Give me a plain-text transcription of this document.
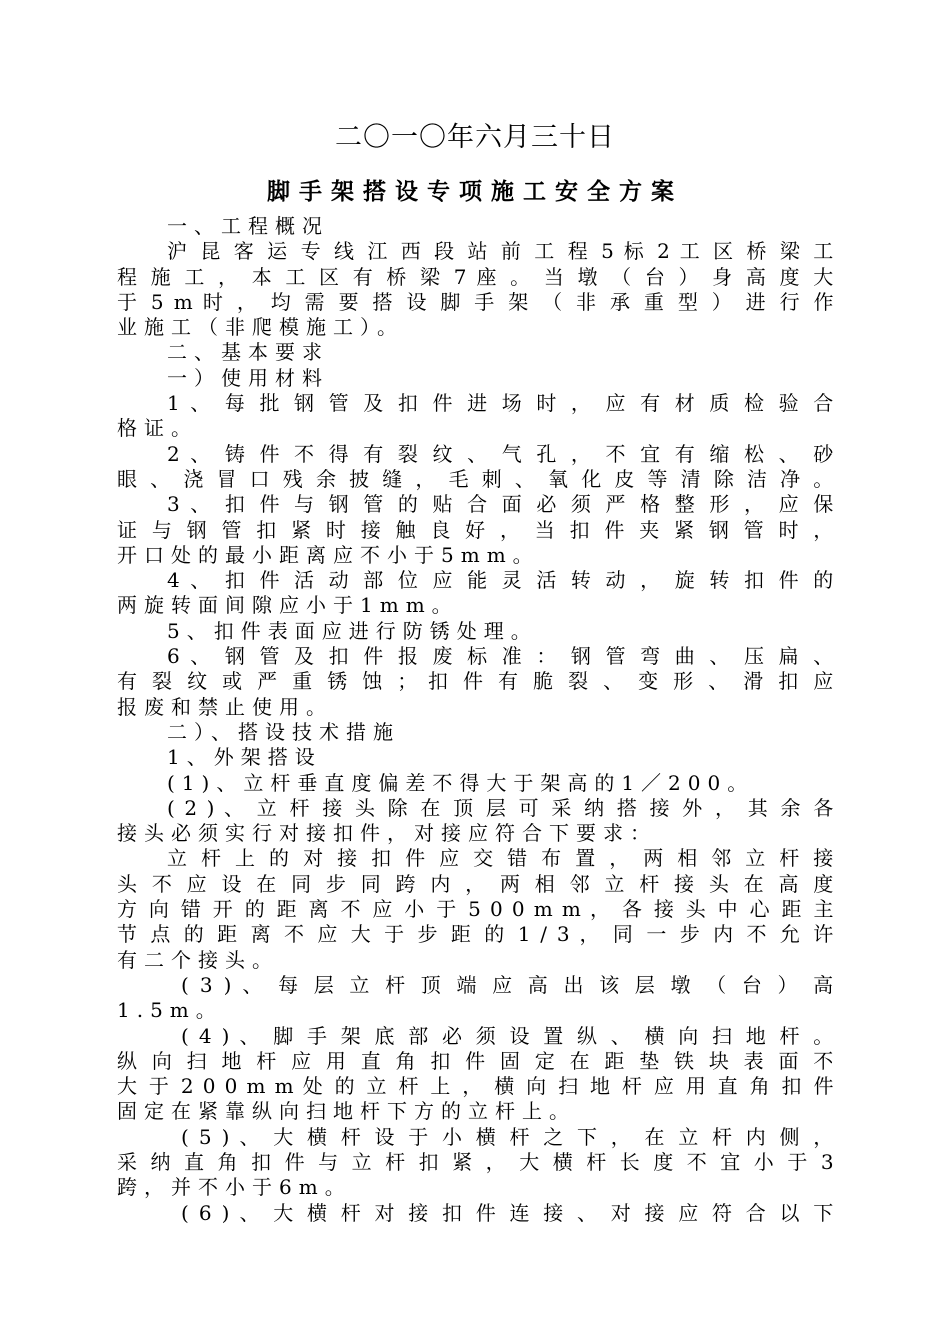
二〇一〇年六月三十日
脚手架搭设专项施工安全方案
一、工程概况
沪 昆 客 运 专 线 江 西 段 站 前 工 程 5 标 2 工 区 桥 梁 工
程 施 工 ， 本 工 区 有 桥 梁 7 座 。 当 墩 （ 台 ） 身 高 度 大
于 5 m 时 ， 均 需 要 搭 设 脚 手 架 （ 非 承 重 型 ） 进 行 作
业施工（非爬模施工）。
二、基本要求
一）使用材料
1 、 每 批 钢 管 及 扣 件 进 场 时 ， 应 有 材 质 检 验 合
格证。
2 、 铸 件 不 得 有 裂 纹 、 气 孔 ， 不 宜 有 缩 松 、 砂
眼 、 浇 冒 口 残 余 披 缝 ， 毛 刺 、 氧 化 皮 等 清 除 洁 净 。
3 、 扣 件 与 钢 管 的 贴 合 面 必 须 严 格 整 形 ， 应 保
证 与 钢 管 扣 紧 时 接 触 良 好 ， 当 扣 件 夹 紧 钢 管 时 ，
开口处的最小距离应不小于5mm。
4 、 扣 件 活 动 部 位 应 能 灵 活 转 动 ， 旋 转 扣 件 的
两旋转面间隙应小于1mm。
5、扣件表面应进行防锈处理。
6 、 钢 管 及 扣 件 报 废 标 准 ： 钢 管 弯 曲 、 压 扁 、
有 裂 纹 或 严 重 锈 蚀 ； 扣 件 有 脆 裂 、 变 形 、 滑 扣 应
报废和禁止使用。
二）、搭设技术措施
1、外架搭设
(1)、立杆垂直度偏差不得大于架高的1／200。
( 2 ) 、 立 杆 接 头 除 在 顶 层 可 采 纳 搭 接 外 ， 其 余 各
接头必须实行对接扣件，对接应符合下要求：
立 杆 上 的 对 接 扣 件 应 交 错 布 置 ， 两 相 邻 立 杆 接
头 不 应 设 在 同 步 同 跨 内 ， 两 相 邻 立 杆 接 头 在 高 度
方 向 错 开 的 距 离 不 应 小 于 5 0 0 m m ， 各 接 头 中 心 距 主
节 点 的 距 离 不 应 大 于 步 距 的 1 / 3 ， 同 一 步 内 不 允 许
有二个接头。
( 3 ) 、 每 层 立 杆 顶 端 应 高 出 该 层 墩 （ 台 ） 高
1.5m。
( 4 ) 、 脚 手 架 底 部 必 须 设 置 纵 、 横 向 扫 地 杆 。
纵 向 扫 地 杆 应 用 直 角 扣 件 固 定 在 距 垫 铁 块 表 面 不
大 于 2 0 0 m m 处 的 立 杆 上 ， 横 向 扫 地 杆 应 用 直 角 扣 件
固定在紧靠纵向扫地杆下方的立杆上。
( 5 ) 、 大 横 杆 设 于 小 横 杆 之 下 ， 在 立 杆 内 侧 ，
采 纳 直 角 扣 件 与 立 杆 扣 紧 ， 大 横 杆 长 度 不 宜 小 于 3
跨，并不小于6m。
( 6 ) 、 大 横 杆 对 接 扣 件 连 接 、 对 接 应 符 合 以 下
